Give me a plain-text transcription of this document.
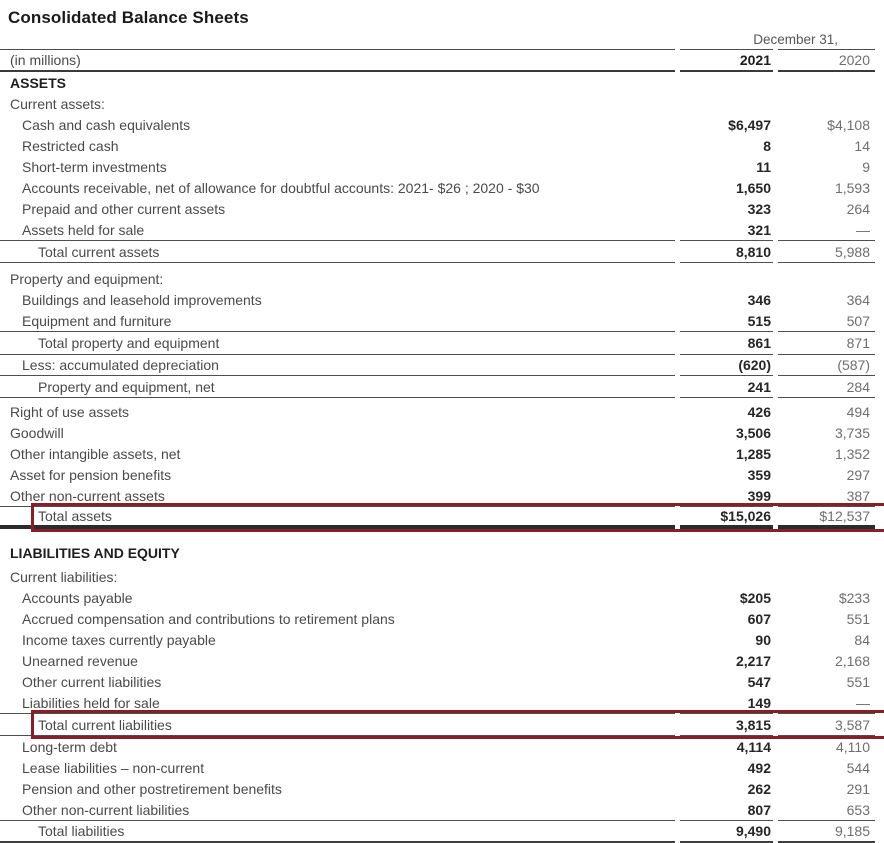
Consolidated Balance Sheets
December 31,
(in millions)	2021	2020
ASSETS
Current assets:
Cash and cash equivalents	$6,497	$4,108
Restricted cash	8	14
Short-term investments	11	9
Accounts receivable, net of allowance for doubtful accounts: 2021- $26 ; 2020 - $30	1,650	1,593
Prepaid and other current assets	323	264
Assets held for sale	321	—
Total current assets	8,810	5,988
Property and equipment:
Buildings and leasehold improvements	346	364
Equipment and furniture	515	507
Total property and equipment	861	871
Less: accumulated depreciation	(620)	(587)
Property and equipment, net	241	284
Right of use assets	426	494
Goodwill	3,506	3,735
Other intangible assets, net	1,285	1,352
Asset for pension benefits	359	297
Other non-current assets	399	387
Total assets	$15,026	$12,537
LIABILITIES AND EQUITY
Current liabilities:
Accounts payable	$205	$233
Accrued compensation and contributions to retirement plans	607	551
Income taxes currently payable	90	84
Unearned revenue	2,217	2,168
Other current liabilities	547	551
Liabilities held for sale	149	—
Total current liabilities	3,815	3,587
Long-term debt	4,114	4,110
Lease liabilities – non-current	492	544
Pension and other postretirement benefits	262	291
Other non-current liabilities	807	653
Total liabilities	9,490	9,185
